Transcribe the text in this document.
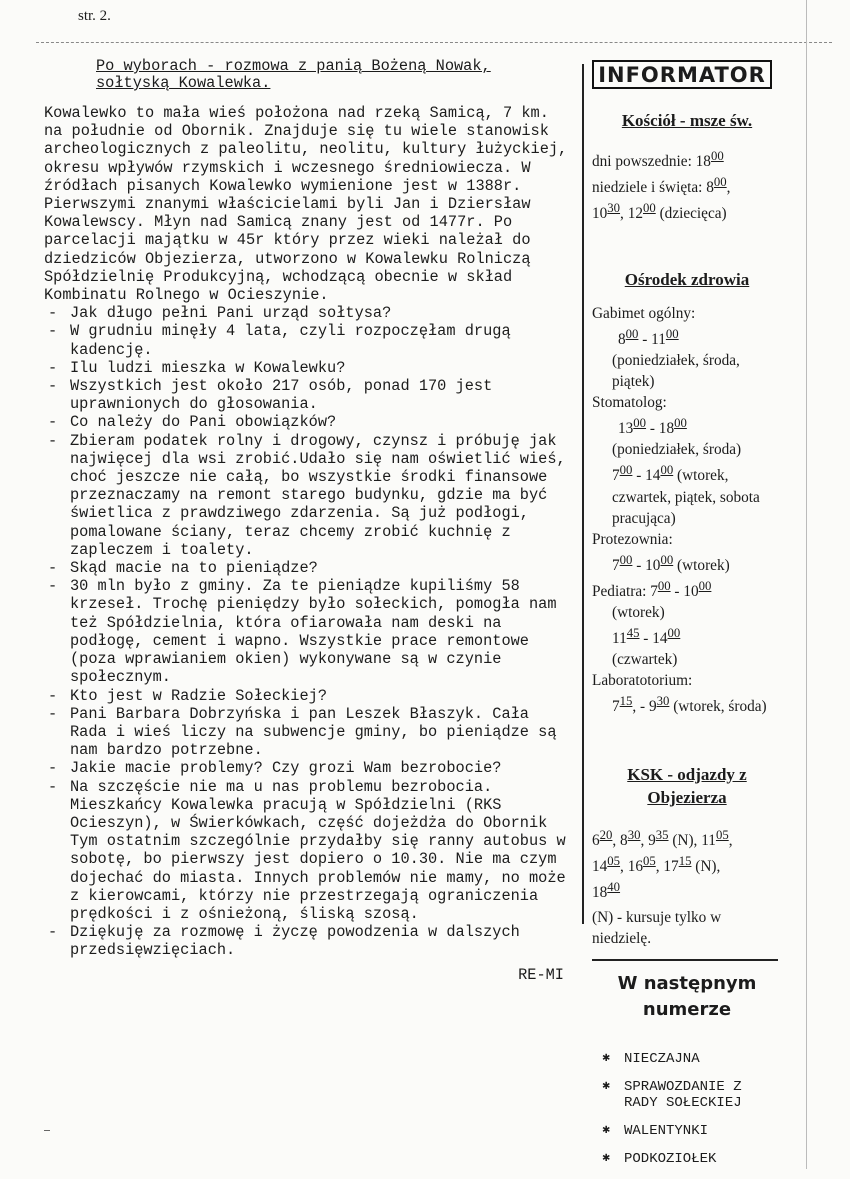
str. 2.
Po wyborach - rozmowa z panią Bożeną Nowak,
sołtyską Kowalewka.
Kowalewko to mała wieś położona nad rzeką Samicą, 7 km. na południe od Obornik. Znajduje się tu wiele stanowisk archeologicznych z paleolitu, neolitu, kultury łużyckiej, okresu wpływów rzymskich i wczesnego średniowiecza. W źródłach pisanych Kowalewko wymienione jest w 1388r. Pierwszymi znanymi właścicielami byli Jan i Dziersław Kowalewscy. Młyn nad Samicą znany jest od 1477r. Po parcelacji majątku w 45r który przez wieki należał do dziedziców Objezierza, utworzono w Kowalewku Rolniczą Spółdzielnię Produkcyjną, wchodzącą obecnie w skład Kombinatu Rolnego w Ocieszynie.
- Jak długo pełni Pani urząd sołtysa?
- W grudniu minęły 4 lata, czyli rozpoczęłam drugą kadencję.
- Ilu ludzi mieszka w Kowalewku?
- Wszystkich jest około 217 osób, ponad 170 jest uprawnionych do głosowania.
- Co należy do Pani obowiązków?
- Zbieram podatek rolny i drogowy, czynsz i próbuję jak najwięcej dla wsi zrobić.Udało się nam oświetlić wieś, choć jeszcze nie całą, bo wszystkie środki finansowe przeznaczamy na remont starego budynku, gdzie ma być świetlica z prawdziwego zdarzenia. Są już podłogi, pomalowane ściany, teraz chcemy zrobić kuchnię z zapleczem i toalety.
- Skąd macie na to pieniądze?
- 30 mln było z gminy. Za te pieniądze kupiliśmy 58 krzeseł. Trochę pieniędzy było sołeckich, pomogła nam też Spółdzielnia, która ofiarowała nam deski na podłogę, cement i wapno. Wszystkie prace remontowe (poza wprawianiem okien) wykonywane są w czynie społecznym.
- Kto jest w Radzie Sołeckiej?
- Pani Barbara Dobrzyńska i pan Leszek Błaszyk. Cała Rada i wieś liczy na subwencje gminy, bo pieniądze są nam bardzo potrzebne.
- Jakie macie problemy? Czy grozi Wam bezrobocie?
- Na szczęście nie ma u nas problemu bezrobocia. Mieszkańcy Kowalewka pracują w Spółdzielni (RKS Ocieszyn), w Świerkówkach, część dojeżdża do Obornik Tym ostatnim szczególnie przydałby się ranny autobus w sobotę, bo pierwszy jest dopiero o 10.30. Nie ma czym dojechać do miasta. Innych problemów nie mamy, no może z kierowcami, którzy nie przestrzegają ograniczenia prędkości i z ośnieżoną, śliską szosą.
- Dziękuję za rozmowę i życzę powodzenia w dalszych przedsięwzięciach.
RE-MI
INFORMATOR
Kościół - msze św.
dni powszednie: $18^{00}$
niedziele i święta: $8^{00}$,
$10^{30}$, $12^{00}$ (dziecięca)
Ośrodek zdrowia
Gabimet ogólny:
$8^{00} - 11^{00}$
(poniedziałek, środa, piątek)
Stomatolog:
$13^{00} - 18^{00}$
(poniedziałek, środa)
$7^{00} - 14^{00}$ (wtorek, czwartek, piątek, sobota pracująca)
Protezownia:
$7^{00} - 10^{00}$ (wtorek)
Pediatra: $7^{00} - 10^{00}$
(wtorek)
$11^{45} - 14^{00}$
(czwartek)
Laboratotorium:
$7^{15}$, - $9^{30}$ (wtorek, środa)
KSK - odjazdy z
Objezierza
$6^{20}$, $8^{30}$, $9^{35}$ (N), $11^{05}$,
$14^{05}$, $16^{05}$, $17^{15}$ (N),
$18^{40}$
(N) - kursuje tylko w niedzielę.
W następnym
numerze
✱ NIECZAJNA
✱ SPRAWOZDANIE Z RADY SOŁECKIEJ
✱ WALENTYNKI
✱ PODKOZIOŁEK
